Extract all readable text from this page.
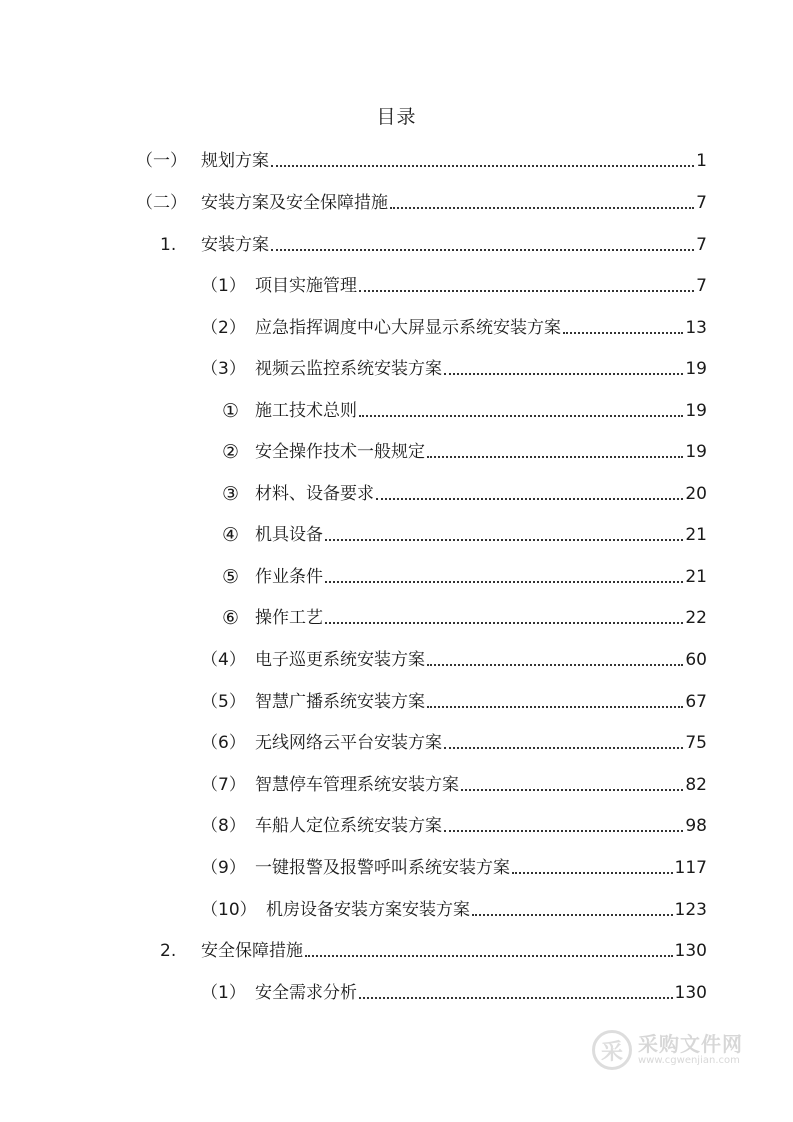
目录
（一） 规划方案	1
（二） 安装方案及安全保障措施	7
1. 安装方案	7
（1） 项目实施管理	7
（2） 应急指挥调度中心大屏显示系统安装方案	13
（3） 视频云监控系统安装方案	19
① 施工技术总则	19
② 安全操作技术一般规定	19
③ 材料、设备要求	20
④ 机具设备	21
⑤ 作业条件	21
⑥ 操作工艺	22
（4） 电子巡更系统安装方案	60
（5） 智慧广播系统安装方案	67
（6） 无线网络云平台安装方案	75
（7） 智慧停车管理系统安装方案	82
（8） 车船人定位系统安装方案	98
（9） 一键报警及报警呼叫系统安装方案	117
（10） 机房设备安装方案安装方案	123
2. 安全保障措施	130
（1） 安全需求分析	130
采 采购文件网
www.cgwenjian.com
